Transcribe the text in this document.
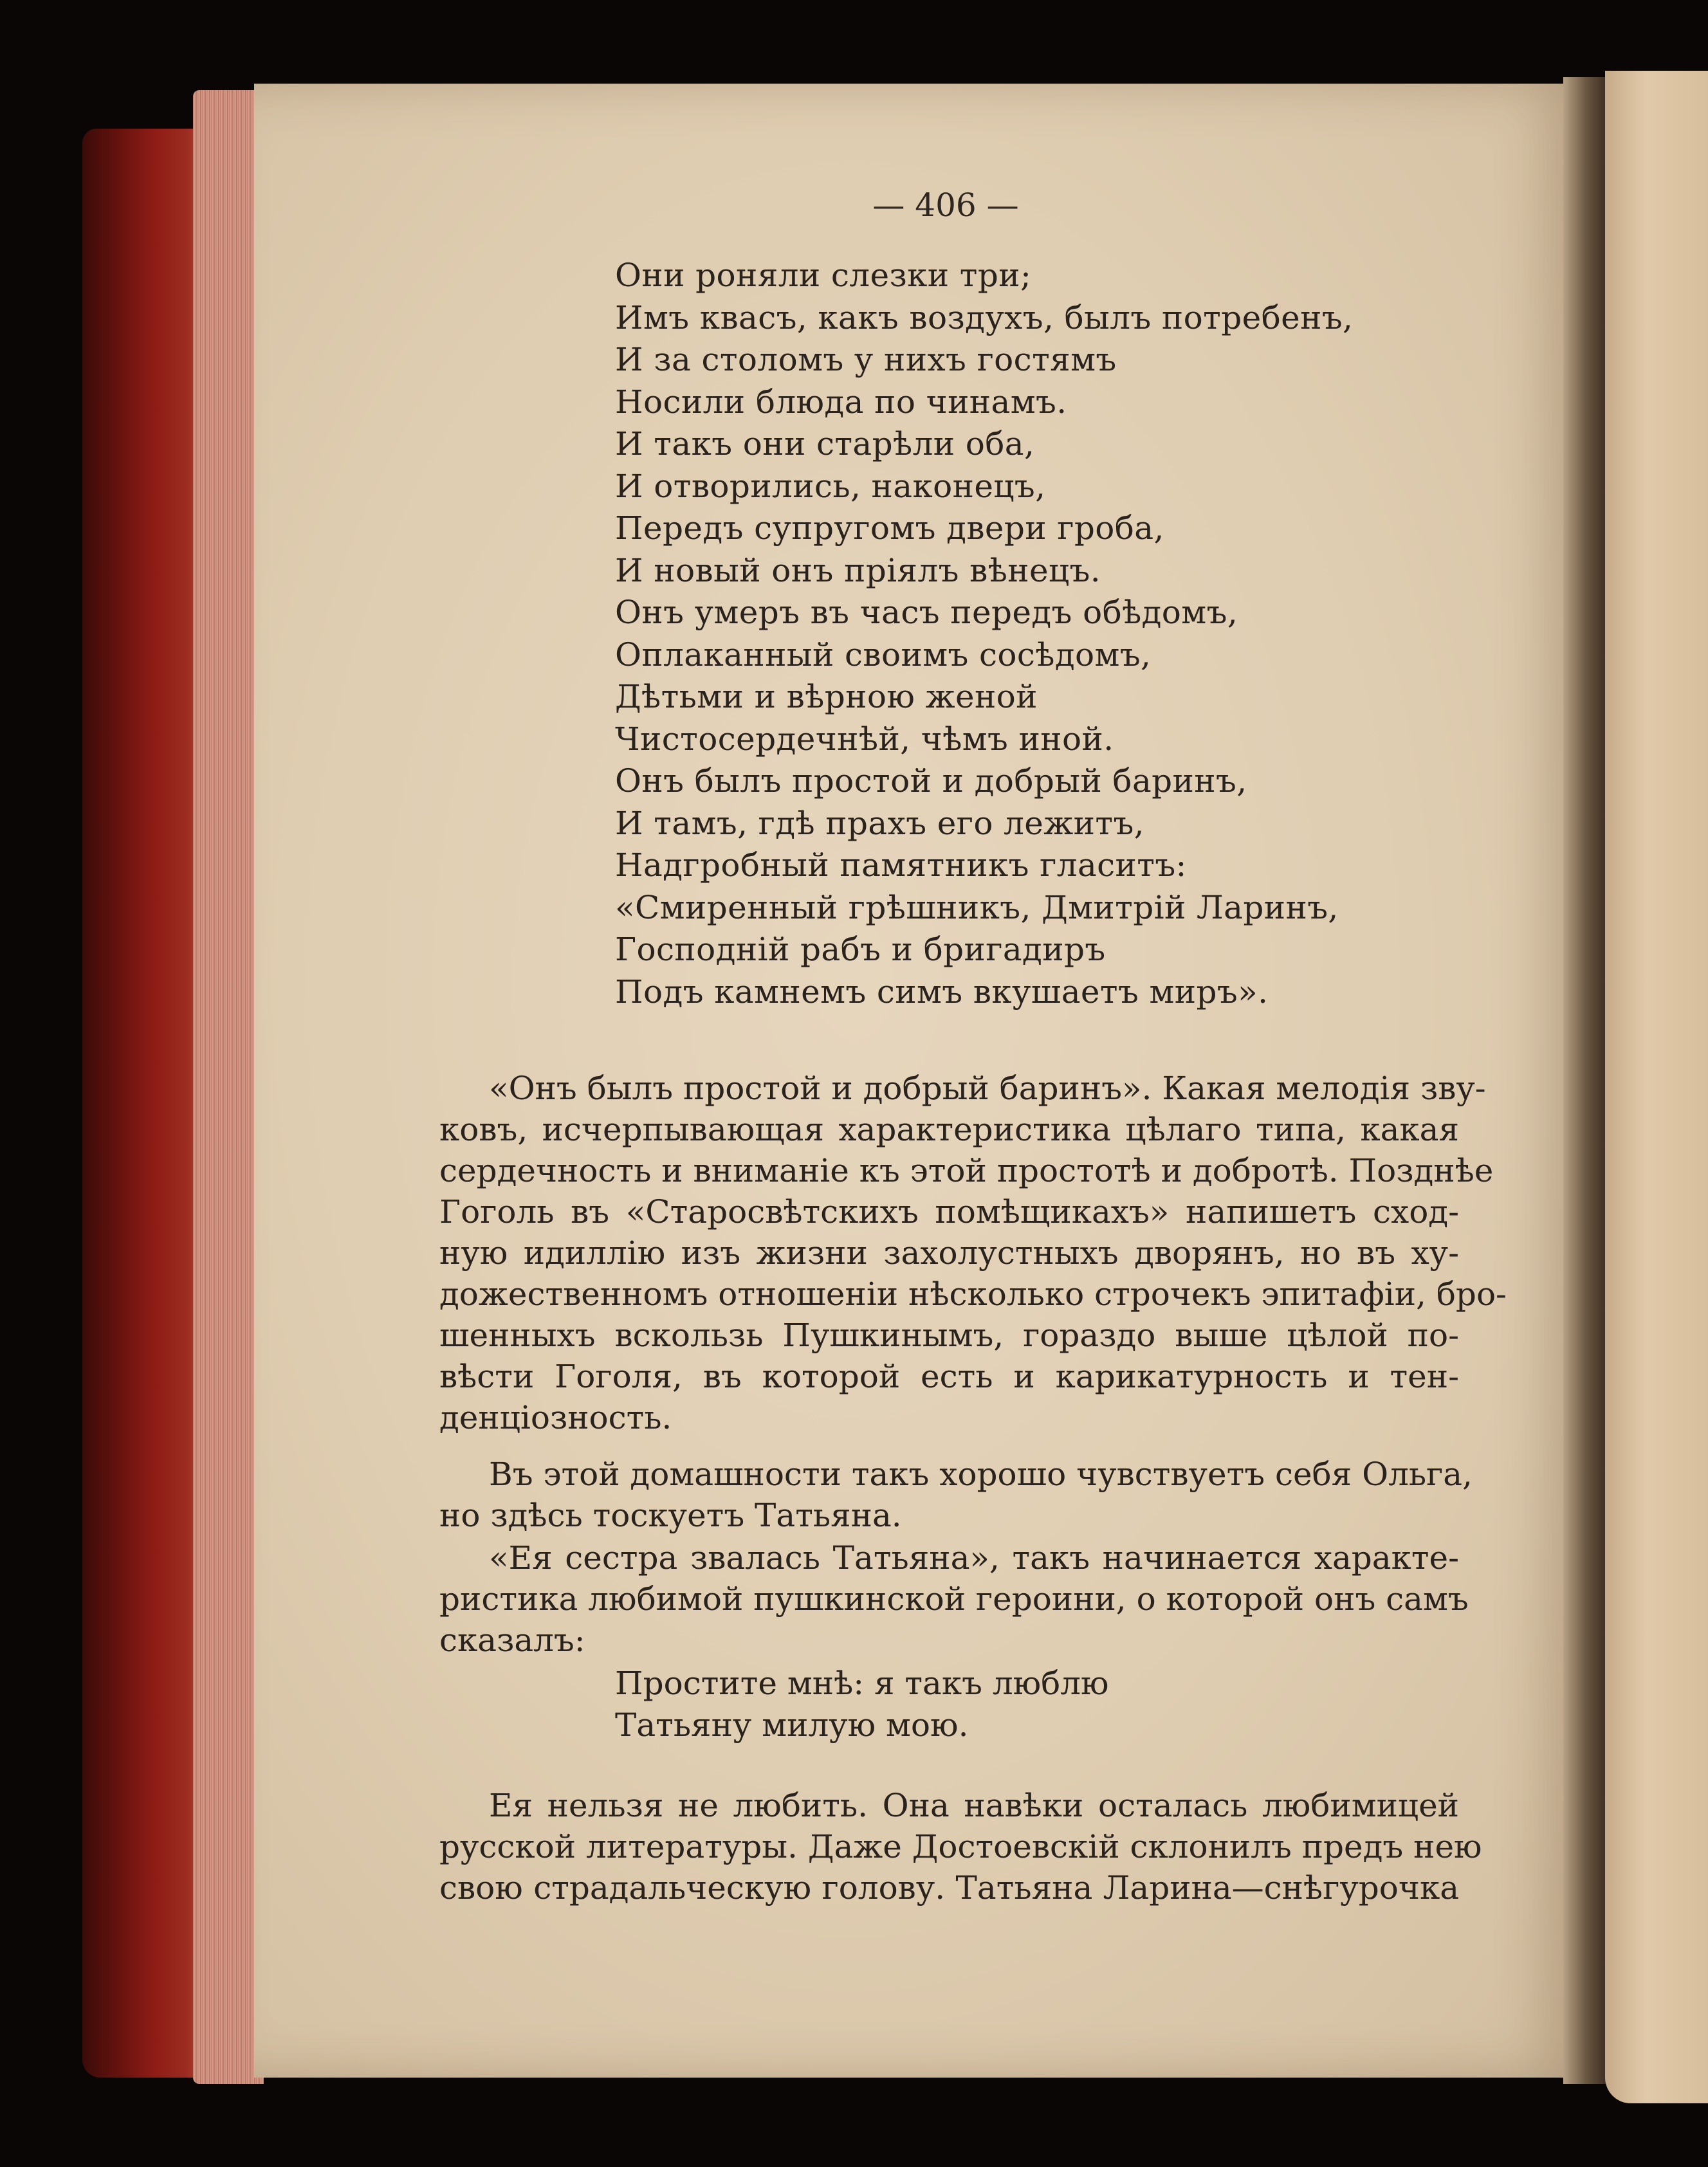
— 406 —

Они роняли слезки три;
Имъ квасъ, какъ воздухъ, былъ потребенъ,
И за столомъ у нихъ гостямъ
Носили блюда по чинамъ.
И такъ они старѣли оба,
И отворились, наконецъ,
Передъ супругомъ двери гроба,
И новый онъ пріялъ вѣнецъ.
Онъ умеръ въ часъ передъ обѣдомъ,
Оплаканный своимъ сосѣдомъ,
Дѣтьми и вѣрною женой
Чистосердечнѣй, чѣмъ иной.
Онъ былъ простой и добрый баринъ,
И тамъ, гдѣ прахъ его лежитъ,
Надгробный памятникъ гласитъ:
«Смиренный грѣшникъ, Дмитрій Ларинъ,
Господній рабъ и бригадиръ
Подъ камнемъ симъ вкушаетъ миръ».
«Онъ былъ простой и добрый баринъ». Какая мелодія зву-
ковъ, исчерпывающая характеристика цѣлаго типа, какая
сердечность и вниманіе къ этой простотѣ и добротѣ. Позднѣе
Гоголь въ «Старосвѣтскихъ помѣщикахъ» напишетъ сход-
ную идиллію изъ жизни захолустныхъ дворянъ, но въ ху-
дожественномъ отношеніи нѣсколько строчекъ эпитафіи, бро-
шенныхъ вскользь Пушкинымъ, гораздо выше цѣлой по-
вѣсти Гоголя, въ которой есть и карикатурность и тен-
денціозность.
Въ этой домашности такъ хорошо чувствуетъ себя Ольга,
но здѣсь тоскуетъ Татьяна.
«Ея сестра звалась Татьяна», такъ начинается характе-
ристика любимой пушкинской героини, о которой онъ самъ
сказалъ:
Простите мнѣ: я такъ люблю
Татьяну милую мою.
Ея нельзя не любить. Она навѣки осталась любимицей
русской литературы. Даже Достоевскій склонилъ предъ нею
свою страдальческую голову. Татьяна Ларина—снѣгурочка
